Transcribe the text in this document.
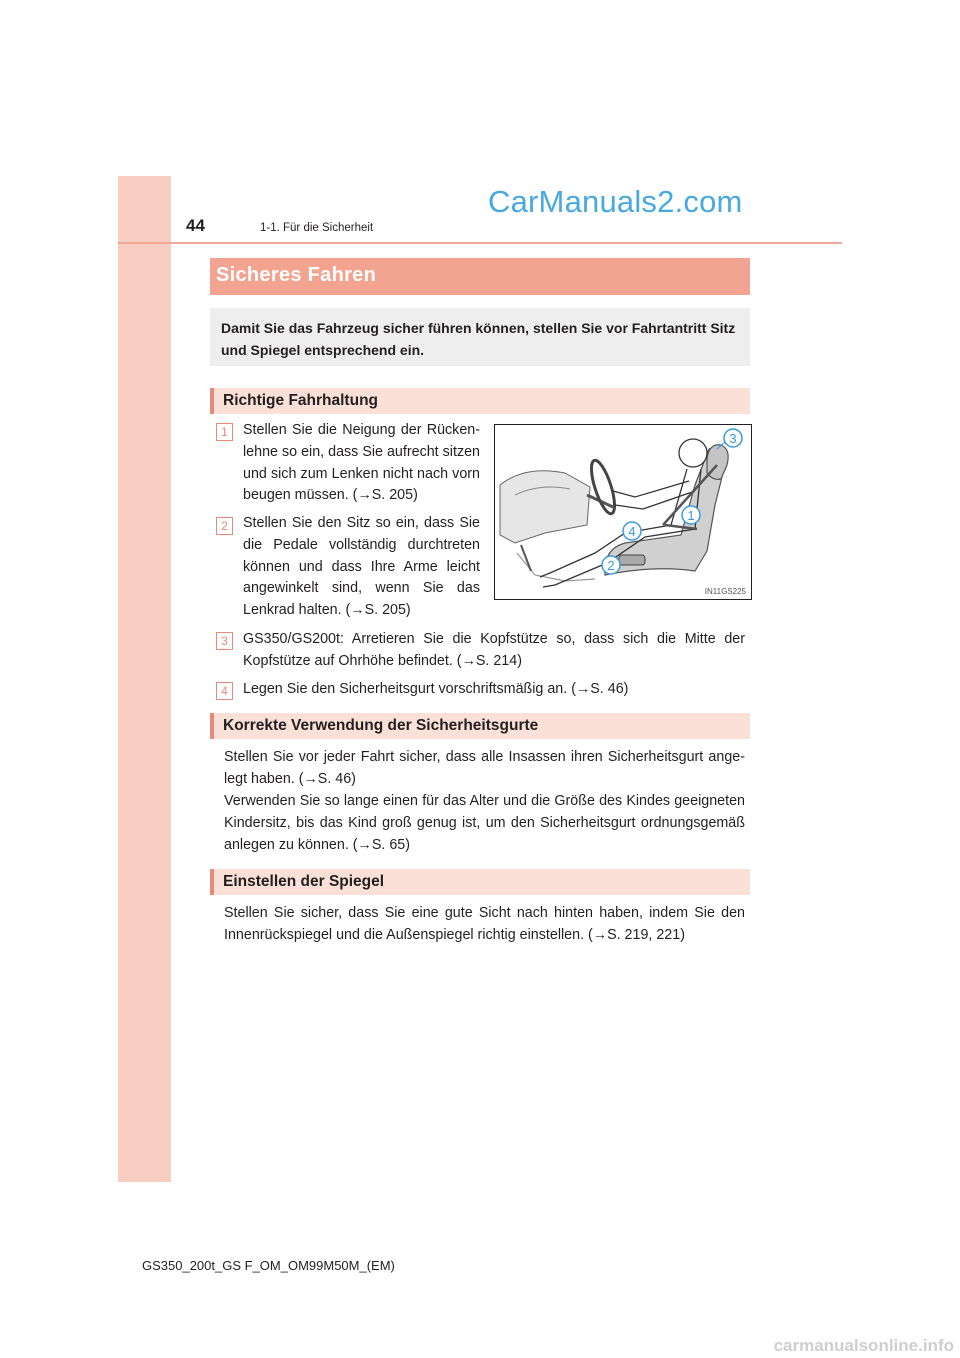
44	1-1. Für die Sicherheit
CarManuals2.com
Sicheres Fahren
Damit Sie das Fahrzeug sicher führen können, stellen Sie vor Fahrtantritt Sitz und Spiegel entsprechend ein.
Richtige Fahrhaltung
1	Stellen Sie die Neigung der Rückenlehne so ein, dass Sie aufrecht sitzen und sich zum Lenken nicht nach vorn beugen müssen. (→S. 205)
2	Stellen Sie den Sitz so ein, dass Sie die Pedale vollständig durchtreten können und dass Ihre Arme leicht angewinkelt sind, wenn Sie das Lenkrad halten. (→S. 205)
3
1
4
2
IN11GS225
3	GS350/GS200t: Arretieren Sie die Kopfstütze so, dass sich die Mitte der Kopfstütze auf Ohrhöhe befindet. (→S. 214)
4	Legen Sie den Sicherheitsgurt vorschriftsmäßig an. (→S. 46)
Korrekte Verwendung der Sicherheitsgurte
Stellen Sie vor jeder Fahrt sicher, dass alle Insassen ihren Sicherheitsgurt angelegt haben. (→S. 46)
Verwenden Sie so lange einen für das Alter und die Größe des Kindes geeigneten Kindersitz, bis das Kind groß genug ist, um den Sicherheitsgurt ordnungsgemäß anlegen zu können. (→S. 65)
Einstellen der Spiegel
Stellen Sie sicher, dass Sie eine gute Sicht nach hinten haben, indem Sie den Innenrückspiegel und die Außenspiegel richtig einstellen. (→S. 219, 221)
GS350_200t_GS F_OM_OM99M50M_(EM)
carmanualsonline.info
